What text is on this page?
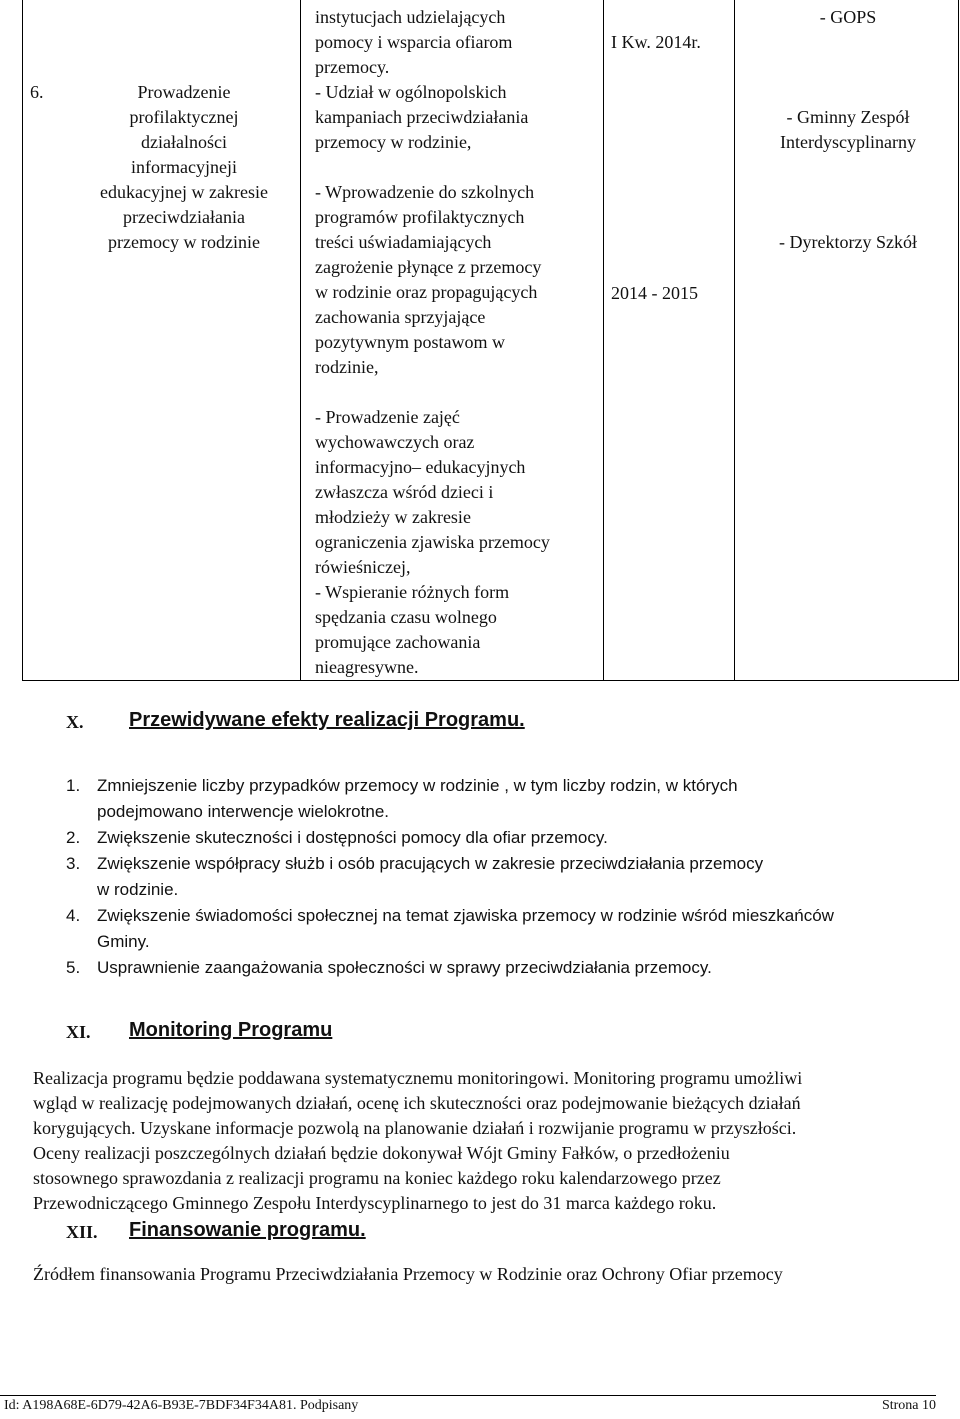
6.	Prowadzenie
profilaktycznej
działalności
informacyjneji
edukacyjnej w zakresie
przeciwdziałania
przemocy w rodzinie
instytucjach udzielających
pomocy i wsparcia ofiarom
przemocy.
- Udział w ogólnopolskich
kampaniach przeciwdziałania
przemocy w rodzinie,

- Wprowadzenie do szkolnych
programów profilaktycznych
treści uświadamiających
zagrożenie płynące z przemocy
w rodzinie oraz propagujących
zachowania sprzyjające
pozytywnym postawom w
rodzinie,

- Prowadzenie zajęć
wychowawczych oraz
informacyjno– edukacyjnych
zwłaszcza wśród dzieci i
młodzieży w zakresie
ograniczenia zjawiska przemocy
rówieśniczej,
- Wspieranie różnych form
spędzania czasu wolnego
promujące zachowania
nieagresywne.
I Kw. 2014r.
2014 - 2015
- GOPS

- Gminny Zespół
Interdyscyplinarny

- Dyrektorzy Szkół
X. Przewidywane efekty realizacji Programu.
1. Zmniejszenie liczby przypadków przemocy w rodzinie , w tym liczby rodzin, w których
podejmowano interwencje wielokrotne.
2. Zwiększenie skuteczności i dostępności pomocy dla ofiar przemocy.
3. Zwiększenie współpracy służb i osób pracujących w zakresie przeciwdziałania przemocy
w rodzinie.
4. Zwiększenie świadomości społecznej na temat zjawiska przemocy w rodzinie wśród mieszkańców
Gminy.
5. Usprawnienie zaangażowania społeczności w sprawy przeciwdziałania przemocy.
XI. Monitoring Programu
Realizacja programu będzie poddawana systematycznemu monitoringowi. Monitoring programu umożliwi
wgląd w realizację podejmowanych działań, ocenę ich skuteczności oraz podejmowanie bieżących działań
korygujących. Uzyskane informacje pozwolą na planowanie działań i rozwijanie programu w przyszłości.
Oceny realizacji poszczególnych działań będzie dokonywał Wójt Gminy Fałków, o przedłożeniu
stosownego sprawozdania z realizacji programu na koniec każdego roku kalendarzowego przez
Przewodniczącego Gminnego Zespołu Interdyscyplinarnego to jest do 31 marca każdego roku.
XII. Finansowanie programu.
Źródłem finansowania Programu Przeciwdziałania Przemocy w Rodzinie oraz Ochrony Ofiar przemocy
Id: A198A68E-6D79-42A6-B93E-7BDF34F34A81. Podpisany	Strona 10
